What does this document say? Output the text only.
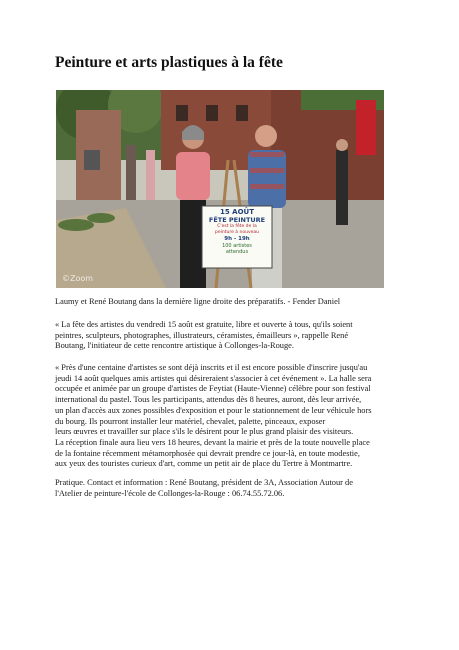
Peinture et arts plastiques à la fête
15 AOÛT
FÊTE PEINTURE
C'est la fête de la
peinture à nouveau
9h - 19h
100 artistes
attendus
©Zoom
Laumy et René Boutang dans la dernière ligne droite des préparatifs. - Fender Daniel

« La fête des artistes du vendredi 15 août est gratuite, libre et ouverte à tous, qu'ils soient
peintres, sculpteurs, photographes, illustrateurs, céramistes, émailleurs », rappelle René
Boutang, l'initiateur de cette rencontre artistique à Collonges-la-Rouge.

« Près d'une centaine d'artistes se sont déjà inscrits et il est encore possible d'inscrire jusqu'au
jeudi 14 août quelques amis artistes qui désireraient s'associer à cet événement ». La halle sera
occupée et animée par un groupe d'artistes de Feytiat (Haute-Vienne) célèbre pour son festival
international du pastel. Tous les participants, attendus dès 8 heures, auront, dès leur arrivée,
un plan d'accès aux zones possibles d'exposition et pour le stationnement de leur véhicule hors
du bourg. Ils pourront installer leur matériel, chevalet, palette, pinceaux, exposer
leurs œuvres et travailler sur place s'ils le désirent pour le plus grand plaisir des visiteurs.
La réception finale aura lieu vers 18 heures, devant la mairie et près de la toute nouvelle place
de la fontaine récemment métamorphosée qui devrait prendre ce jour-là, en toute modestie,
aux yeux des touristes curieux d'art, comme un petit air de place du Tertre à Montmartre.

Pratique. Contact et information : René Boutang, président de 3A, Association Autour de
l'Atelier de peinture-l'école de Collonges-la-Rouge : 06.74.55.72.06.
